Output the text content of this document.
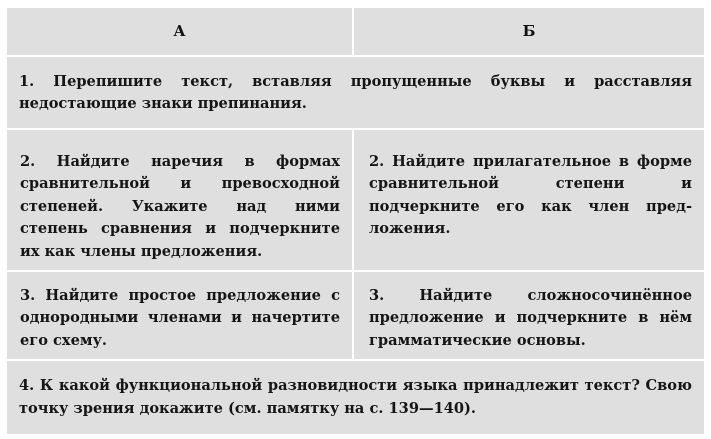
А	Б

1. Перепишите текст, вставляя пропущенные буквы и расставляя недостающие знаки препинания.	

2. Найдите наречия в формах сравнительной и превосходной степеней. Укажите над ними степень сравнения и подчеркните их как члены предложения.	2. Найдите прилагательное в форме сравнительной степени и подчеркните его как член предложения.

3. Найдите простое предложение с однородными членами и начертите его схему.	3. Найдите сложносочинённое предложение и подчеркните в нём грамматические основы.

4. К какой функциональной разновидности языка принадлежит текст? Свою точку зрения докажите (см. памятку на с. 139—140).	
